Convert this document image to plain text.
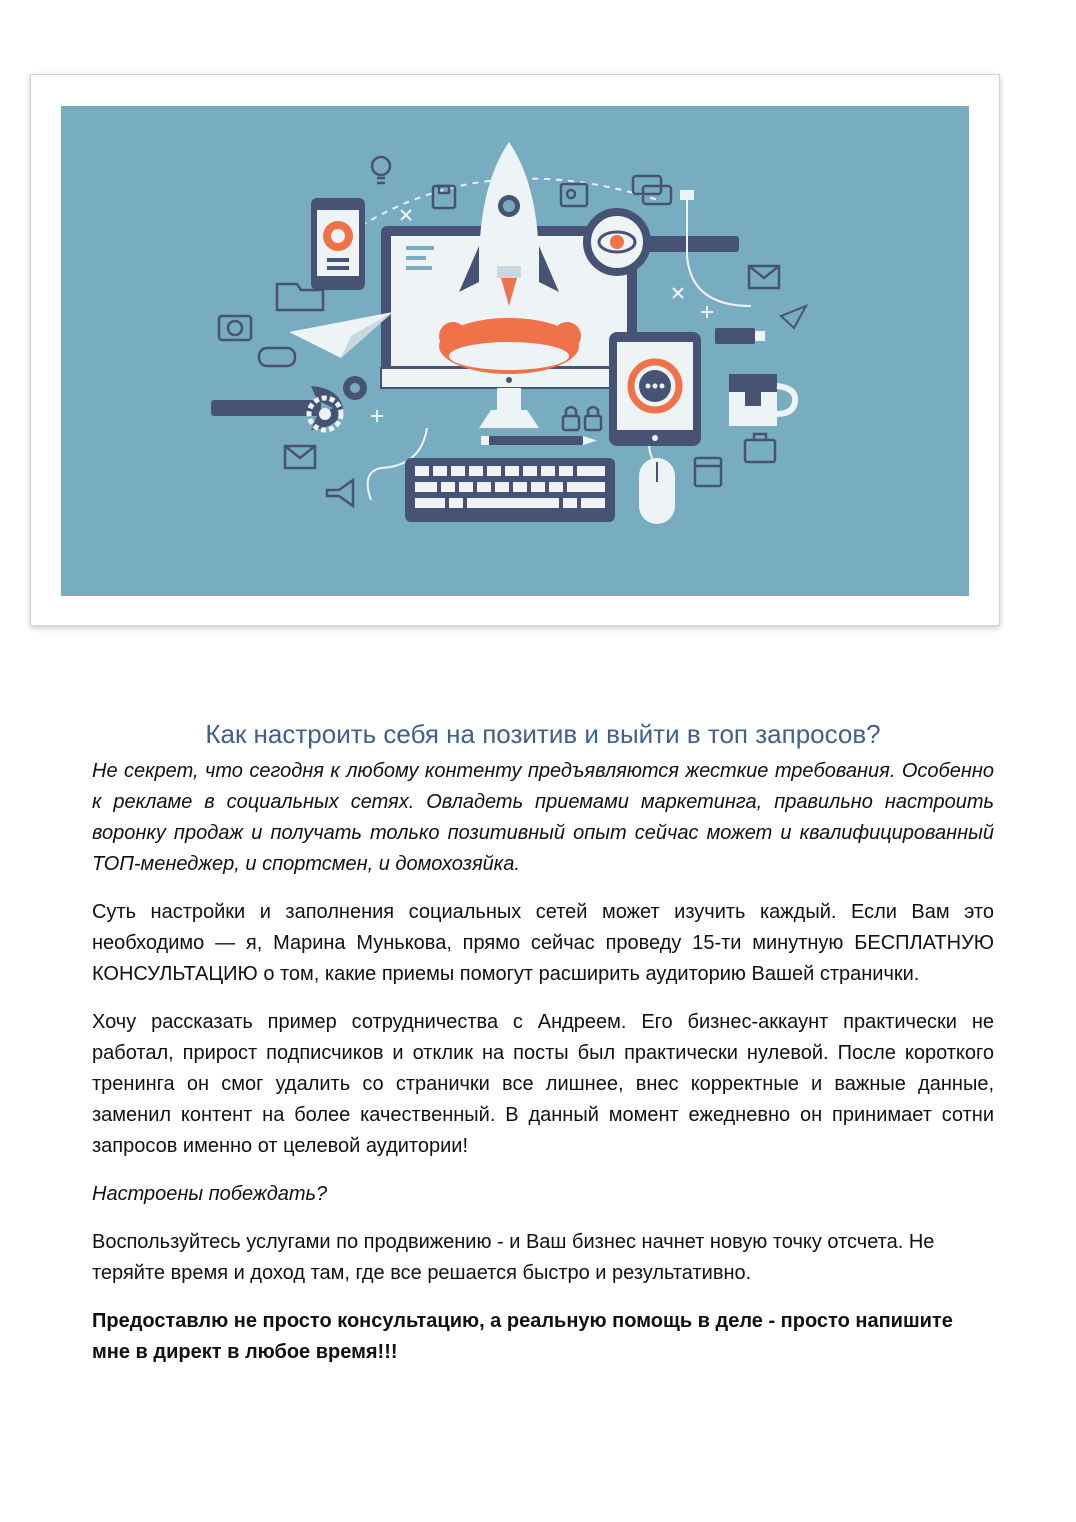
Как настроить себя на позитив и выйти в топ запросов?

Не секрет, что сегодня к любому контенту предъявляются жесткие требования. Особенно к рекламе в социальных сетях. Овладеть приемами маркетинга, правильно настроить воронку продаж и получать только позитивный опыт сейчас может и квалифицированный ТОП-менеджер, и спортсмен, и домохозяйка.

Суть настройки и заполнения социальных сетей может изучить каждый. Если Вам это необходимо — я, Марина Мунькова, прямо сейчас проведу 15-ти минутную БЕСПЛАТНУЮ КОНСУЛЬТАЦИЮ о том, какие приемы помогут расширить аудиторию Вашей странички.

Хочу рассказать пример сотрудничества с Андреем. Его бизнес-аккаунт практически не работал, прирост подписчиков и отклик на посты был практически нулевой. После короткого тренинга он смог удалить со странички все лишнее, внес корректные и важные данные, заменил контент на более качественный. В данный момент ежедневно он принимает сотни запросов именно от целевой аудитории!

Настроены побеждать?

Воспользуйтесь услугами по продвижению - и Ваш бизнес начнет новую точку отсчета. Не теряйте время и доход там, где все решается быстро и результативно.

Предоставлю не просто консультацию, а реальную помощь в деле - просто напишите мне в директ в любое время!!!
